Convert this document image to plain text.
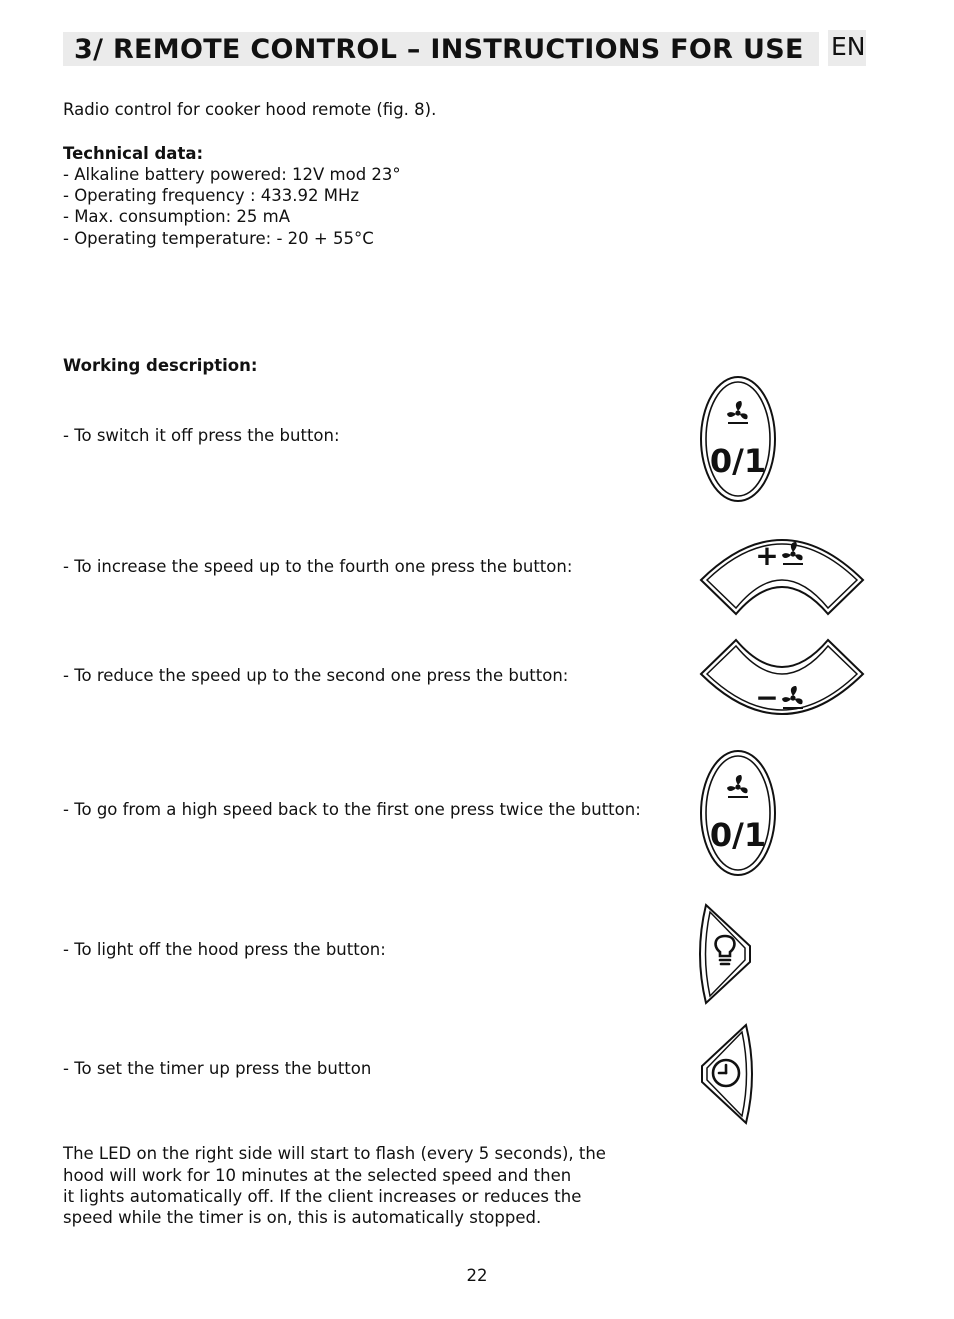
3/ REMOTE CONTROL – INSTRUCTIONS FOR USE EN
Radio control for cooker hood remote (fig. 8).
Technical data:
- Alkaline battery powered: 12V mod 23°
- Operating frequency : 433.92 MHz
- Max. consumption: 25 mA
- Operating temperature: - 20 + 55°C
Working description:
- To switch it off press the button:
- To increase the speed up to the fourth one press the button:
- To reduce the speed up to the second one press the button:
- To go from a high speed back to the first one press twice the button:
- To light off the hood press the button:
- To set the timer up press the button
0/1
+
−
0/1
The LED on the right side will start to flash (every 5 seconds), the
hood will work for 10 minutes at the selected speed and then
it lights automatically off. If the client increases or reduces the
speed while the timer is on, this is automatically stopped.
22
